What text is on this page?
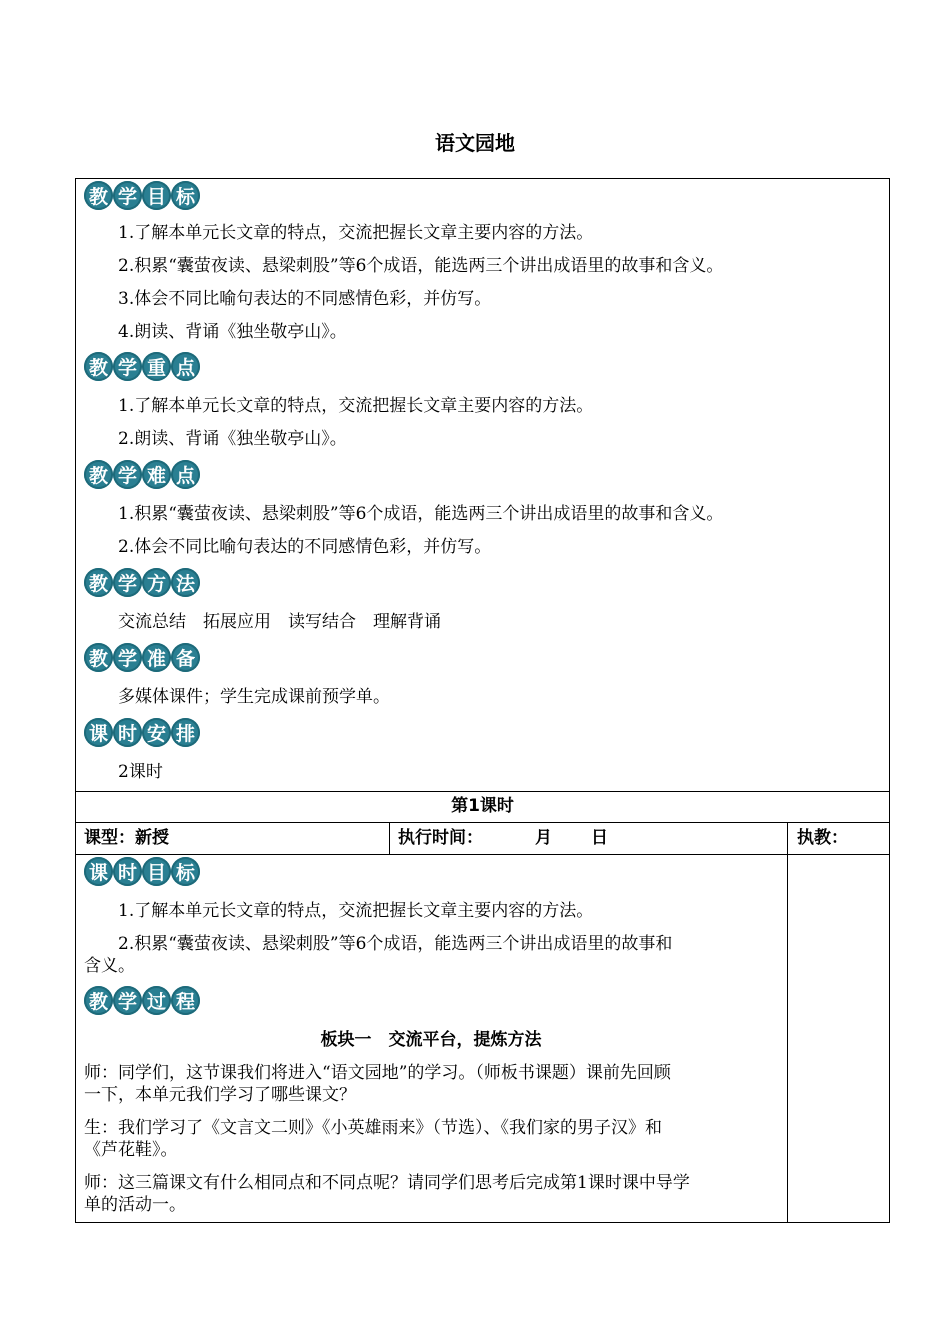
语文园地
教 学 目 标
1.了解本单元长文章的特点，交流把握长文章主要内容的方法。
2.积累“囊萤夜读、悬梁刺股”等6个成语，能选两三个讲出成语里的故事和含义。
3.体会不同比喻句表达的不同感情色彩，并仿写。
4.朗读、背诵《独坐敬亭山》。
教 学 重 点
1.了解本单元长文章的特点，交流把握长文章主要内容的方法。
2.朗读、背诵《独坐敬亭山》。
教 学 难 点
1.积累“囊萤夜读、悬梁刺股”等6个成语，能选两三个讲出成语里的故事和含义。
2.体会不同比喻句表达的不同感情色彩，并仿写。
教 学 方 法
交流总结　拓展应用　读写结合　理解背诵
教 学 准 备
多媒体课件；学生完成课前预学单。
课 时 安 排
2课时
第1课时
课型：新授	执行时间：	月 日	执教：
课 时 目 标
1.了解本单元长文章的特点，交流把握长文章主要内容的方法。
2.积累“囊萤夜读、悬梁刺股”等6个成语，能选两三个讲出成语里的故事和
含义。
教 学 过 程
板块一　交流平台，提炼方法
师：同学们，这节课我们将进入“语文园地”的学习。（师板书课题）课前先回顾
一下，本单元我们学习了哪些课文？
生：我们学习了《文言文二则》《小英雄雨来》（节选）、《我们家的男子汉》和
《芦花鞋》。
师：这三篇课文有什么相同点和不同点呢？请同学们思考后完成第1课时课中导学
单的活动一。
